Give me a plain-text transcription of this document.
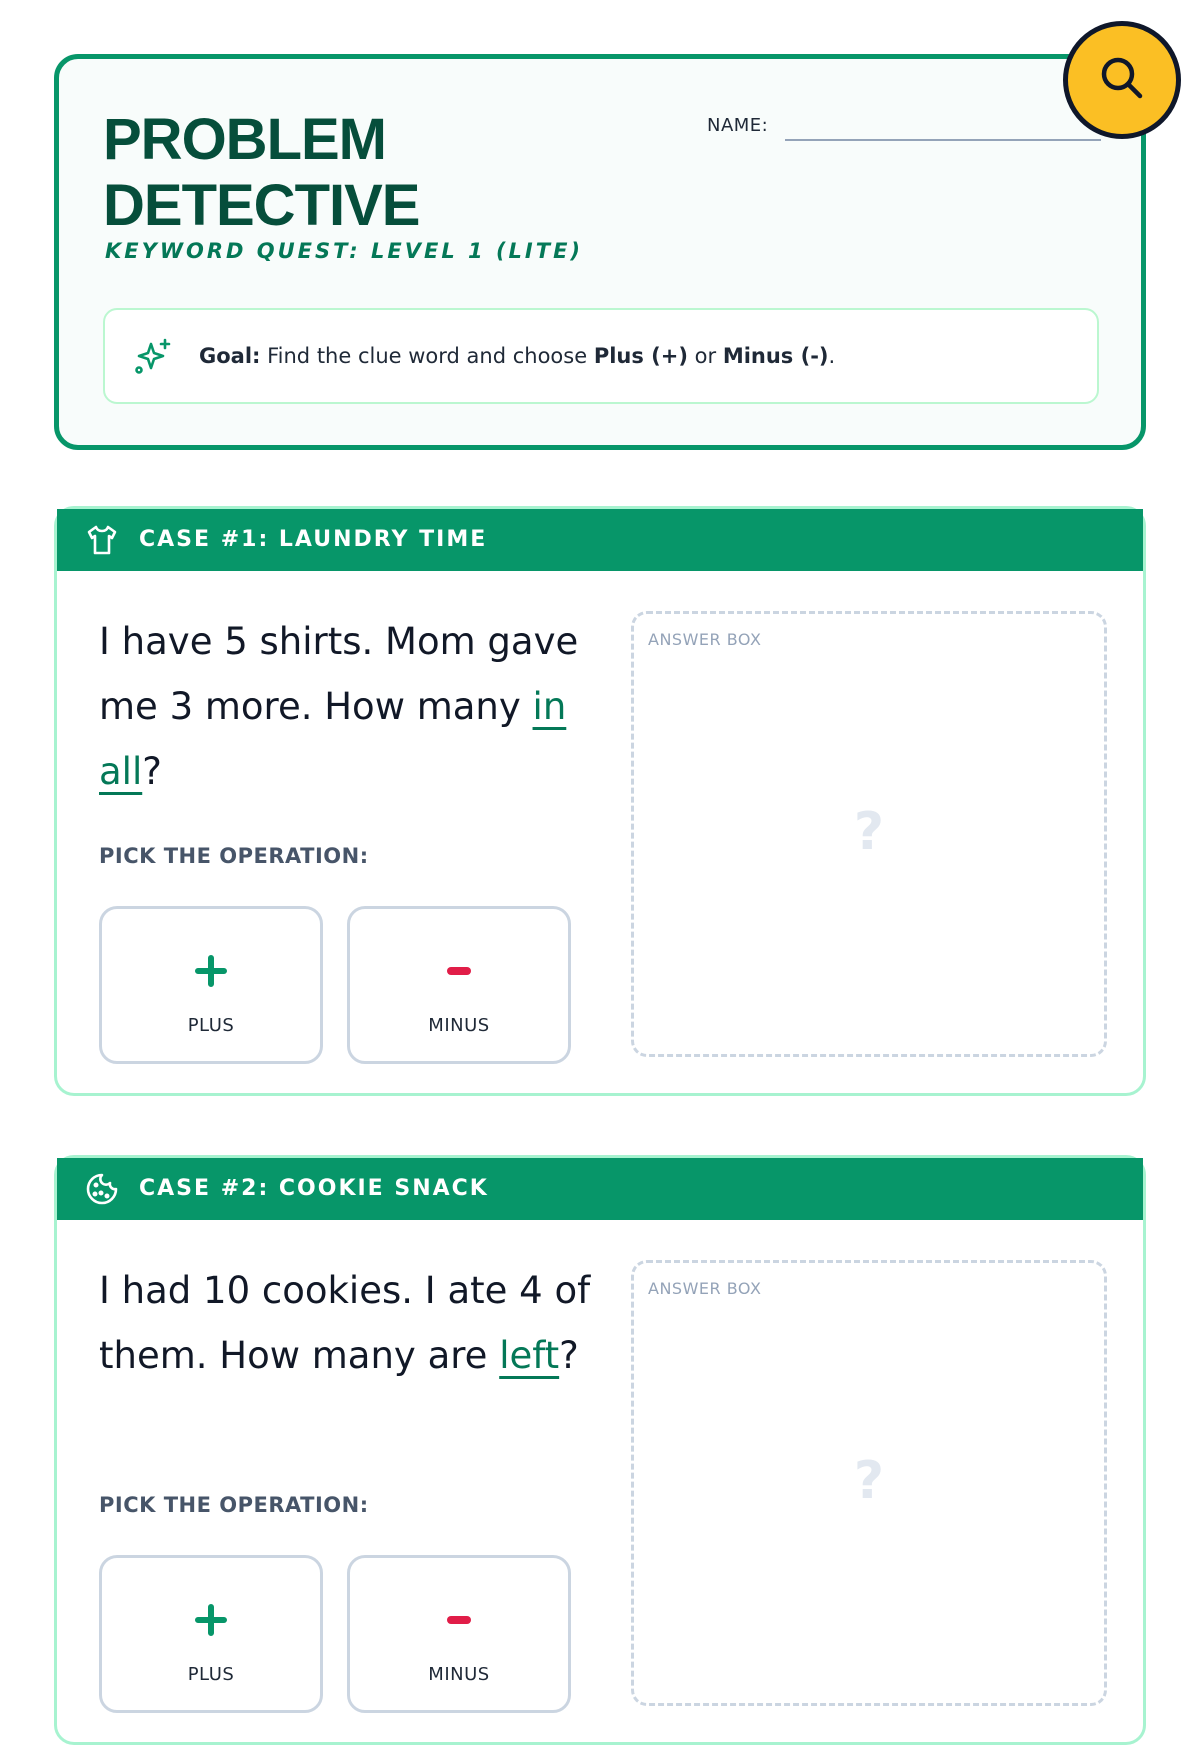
PROBLEM
DETECTIVE
KEYWORD QUEST: LEVEL 1 (LITE)
NAME:
Goal: Find the clue word and choose Plus (+) or Minus (-).
CASE #1: LAUNDRY TIME
I have 5 shirts. Mom gave me 3 more. How many in all?
PICK THE OPERATION:
PLUS	MINUS
ANSWER BOX
?
CASE #2: COOKIE SNACK
I had 10 cookies. I ate 4 of them. How many are left?
PICK THE OPERATION:
PLUS	MINUS
ANSWER BOX
?
